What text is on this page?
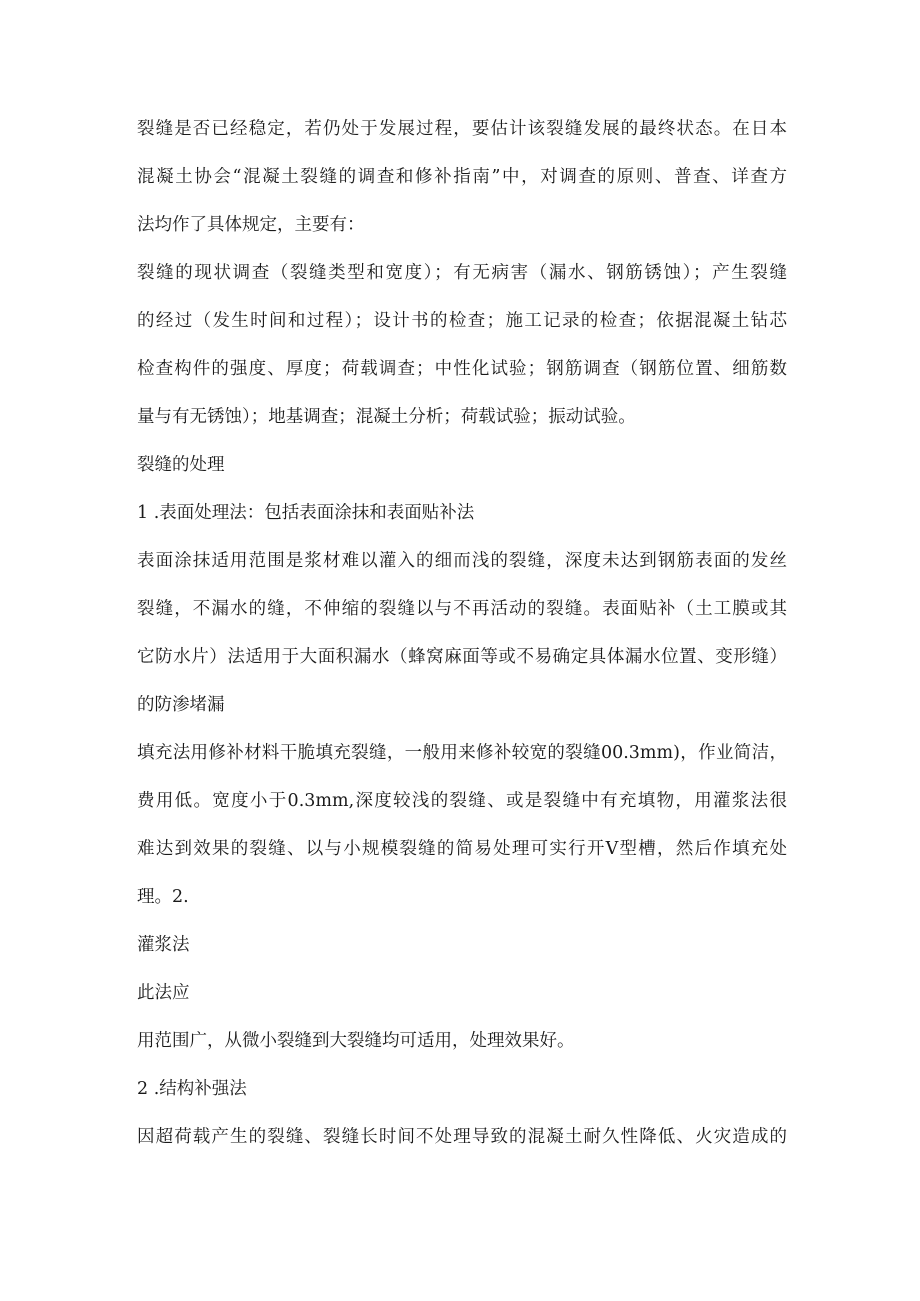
裂缝是否已经稳定，若仍处于发展过程，要估计该裂缝发展的最终状态。在日本
混凝土协会“混凝土裂缝的调查和修补指南”中，对调查的原则、普查、详查方
法均作了具体规定，主要有：
裂缝的现状调查（裂缝类型和宽度）；有无病害（漏水、钢筋锈蚀）；产生裂缝
的经过（发生时间和过程）；设计书的检查；施工记录的检查；依据混凝土钻芯
检查构件的强度、厚度；荷载调查；中性化试验；钢筋调查（钢筋位置、细筋数
量与有无锈蚀）；地基调查；混凝土分析；荷载试验；振动试验。
裂缝的处理
1 .表面处理法：包括表面涂抹和表面贴补法
表面涂抹适用范围是浆材难以灌入的细而浅的裂缝，深度未达到钢筋表面的发丝
裂缝，不漏水的缝，不伸缩的裂缝以与不再活动的裂缝。表面贴补（土工膜或其
它防水片）法适用于大面积漏水（蜂窝麻面等或不易确定具体漏水位置、变形缝）
的防渗堵漏
填充法用修补材料干脆填充裂缝，一般用来修补较宽的裂缝00.3mm)，作业简洁，
费用低。宽度小于0.3mm,深度较浅的裂缝、或是裂缝中有充填物，用灌浆法很
难达到效果的裂缝、以与小规模裂缝的简易处理可实行开V型槽，然后作填充处
理。2.
灌浆法
此法应
用范围广，从微小裂缝到大裂缝均可适用，处理效果好。
2 .结构补强法
因超荷载产生的裂缝、裂缝长时间不处理导致的混凝土耐久性降低、火灾造成的
